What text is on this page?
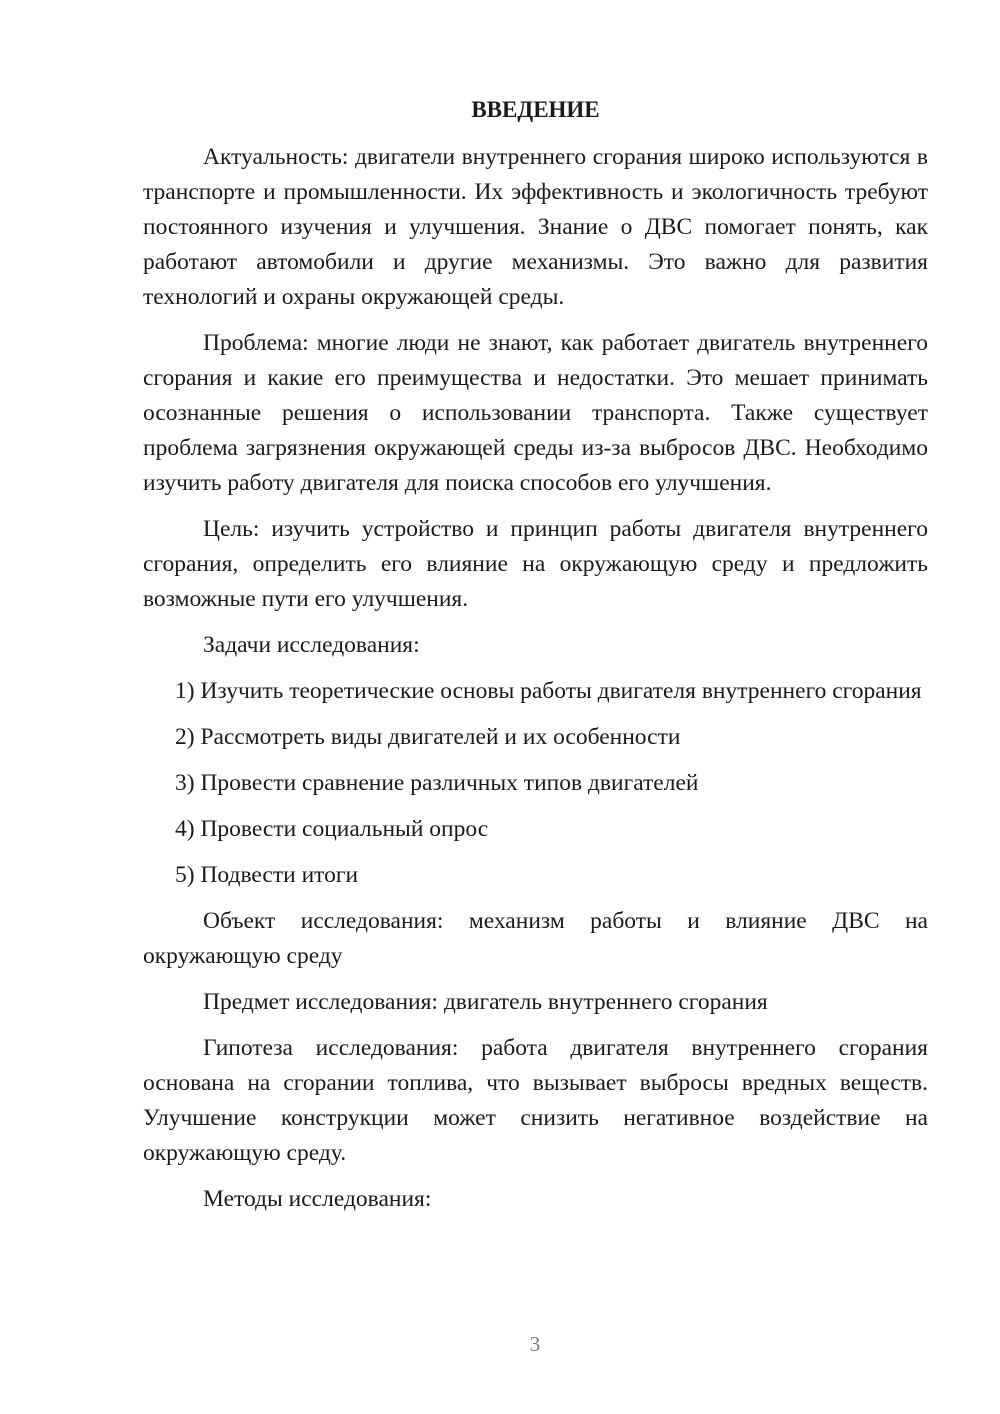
ВВЕДЕНИЕ

Актуальность: двигатели внутреннего сгорания широко используются в транспорте и промышленности. Их эффективность и экологичность требуют постоянного изучения и улучшения. Знание о ДВС помогает понять, как работают автомобили и другие механизмы. Это важно для развития технологий и охраны окружающей среды.

Проблема: многие люди не знают, как работает двигатель внутреннего сгорания и какие его преимущества и недостатки. Это мешает принимать осознанные решения о использовании транспорта. Также существует проблема загрязнения окружающей среды из-за выбросов ДВС. Необходимо изучить работу двигателя для поиска способов его улучшения.

Цель: изучить устройство и принцип работы двигателя внутреннего сгорания, определить его влияние на окружающую среду и предложить возможные пути его улучшения.

Задачи исследования:

1) Изучить теоретические основы работы двигателя внутреннего сгорания

2) Рассмотреть виды двигателей и их особенности

3) Провести сравнение различных типов двигателей

4) Провести социальный опрос

5) Подвести итоги

Объект исследования: механизм работы и влияние ДВС на окружающую среду

Предмет исследования: двигатель внутреннего сгорания

Гипотеза исследования: работа двигателя внутреннего сгорания основана на сгорании топлива, что вызывает выбросы вредных веществ. Улучшение конструкции может снизить негативное воздействие на окружающую среду.

Методы исследования:

3
